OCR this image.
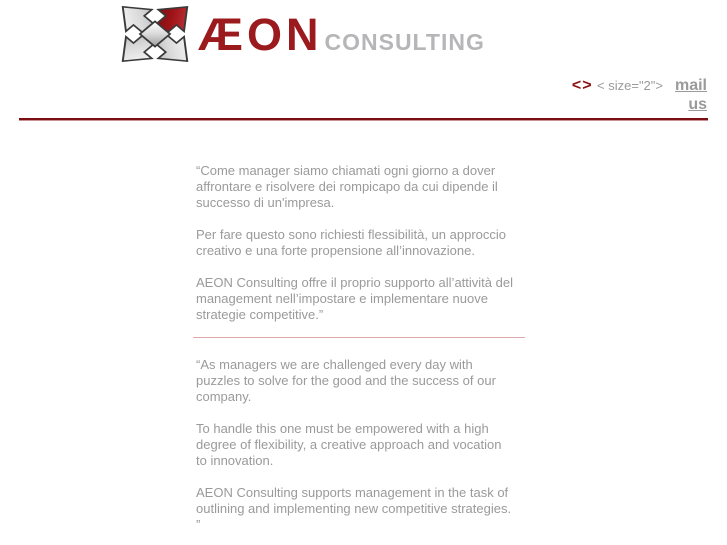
ÆON CONSULTING
<> < size="2"> mail us

“Come manager siamo chiamati ogni giorno a dover
affrontare e risolvere dei rompicapo da cui dipende il
successo di un'impresa.

Per fare questo sono richiesti flessibilità, un approccio
creativo e una forte propensione all’innovazione.

AEON Consulting offre il proprio supporto all’attività del
management nell’impostare e implementare nuove
strategie competitive.”

“As managers we are challenged every day with
puzzles to solve for the good and the success of our
company.

To handle this one must be empowered with a high
degree of flexibility, a creative approach and vocation
to innovation.

AEON Consulting supports management in the task of
outlining and implementing new competitive strategies.
”
